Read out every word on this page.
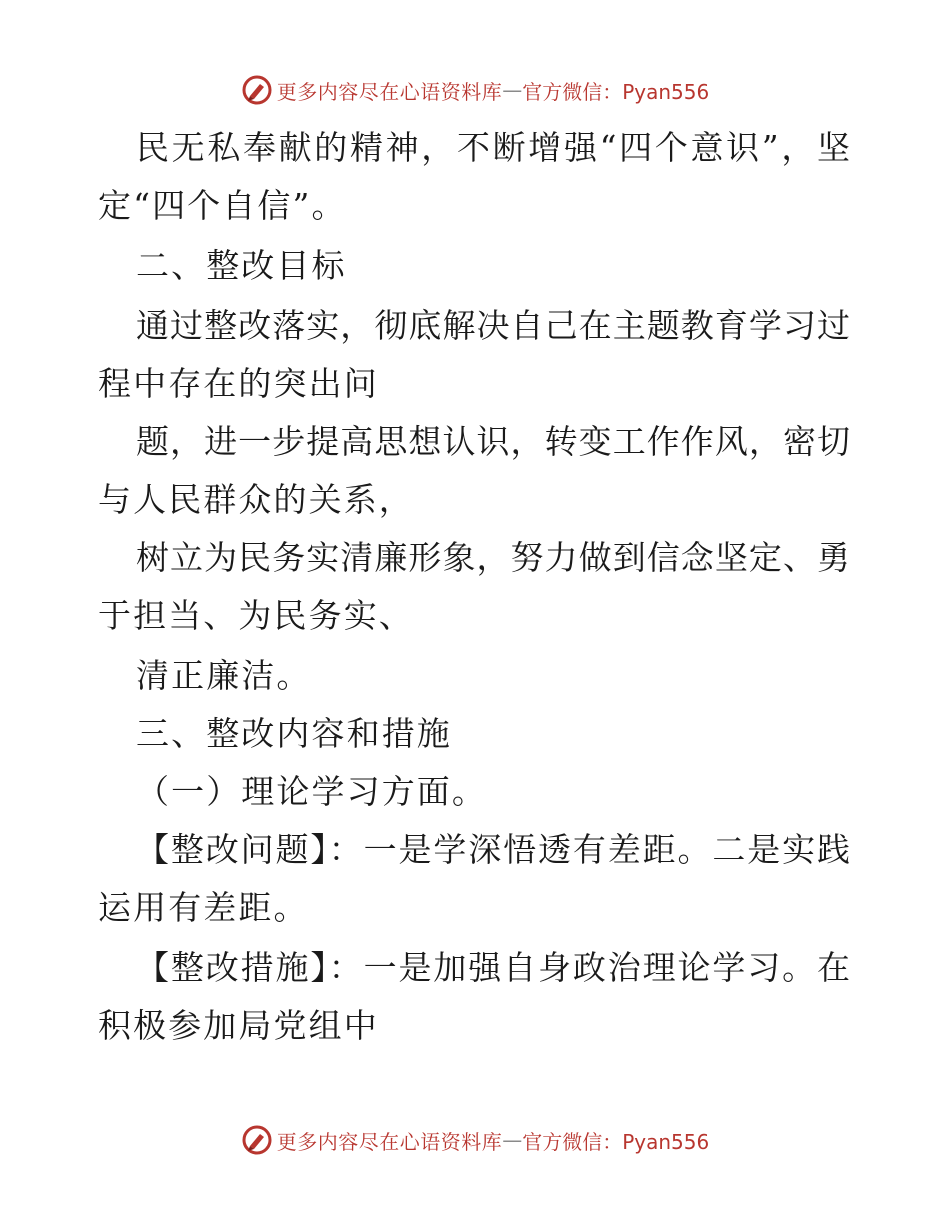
更多内容尽在心语资料库 — 官方微信：Pyan556
民无私奉献的精神，不断增强“四个意识”，坚
定“四个自信”。
二、整改目标
通过整改落实，彻底解决自己在主题教育学习过
程中存在的突出问
题，进一步提高思想认识，转变工作作风，密切
与人民群众的关系，
树立为民务实清廉形象，努力做到信念坚定、勇
于担当、为民务实、
清正廉洁。
三、整改内容和措施
（一）理论学习方面。
【整改问题】：一是学深悟透有差距。二是实践
运用有差距。
【整改措施】：一是加强自身政治理论学习。在
积极参加局党组中
更多内容尽在心语资料库 — 官方微信：Pyan556
